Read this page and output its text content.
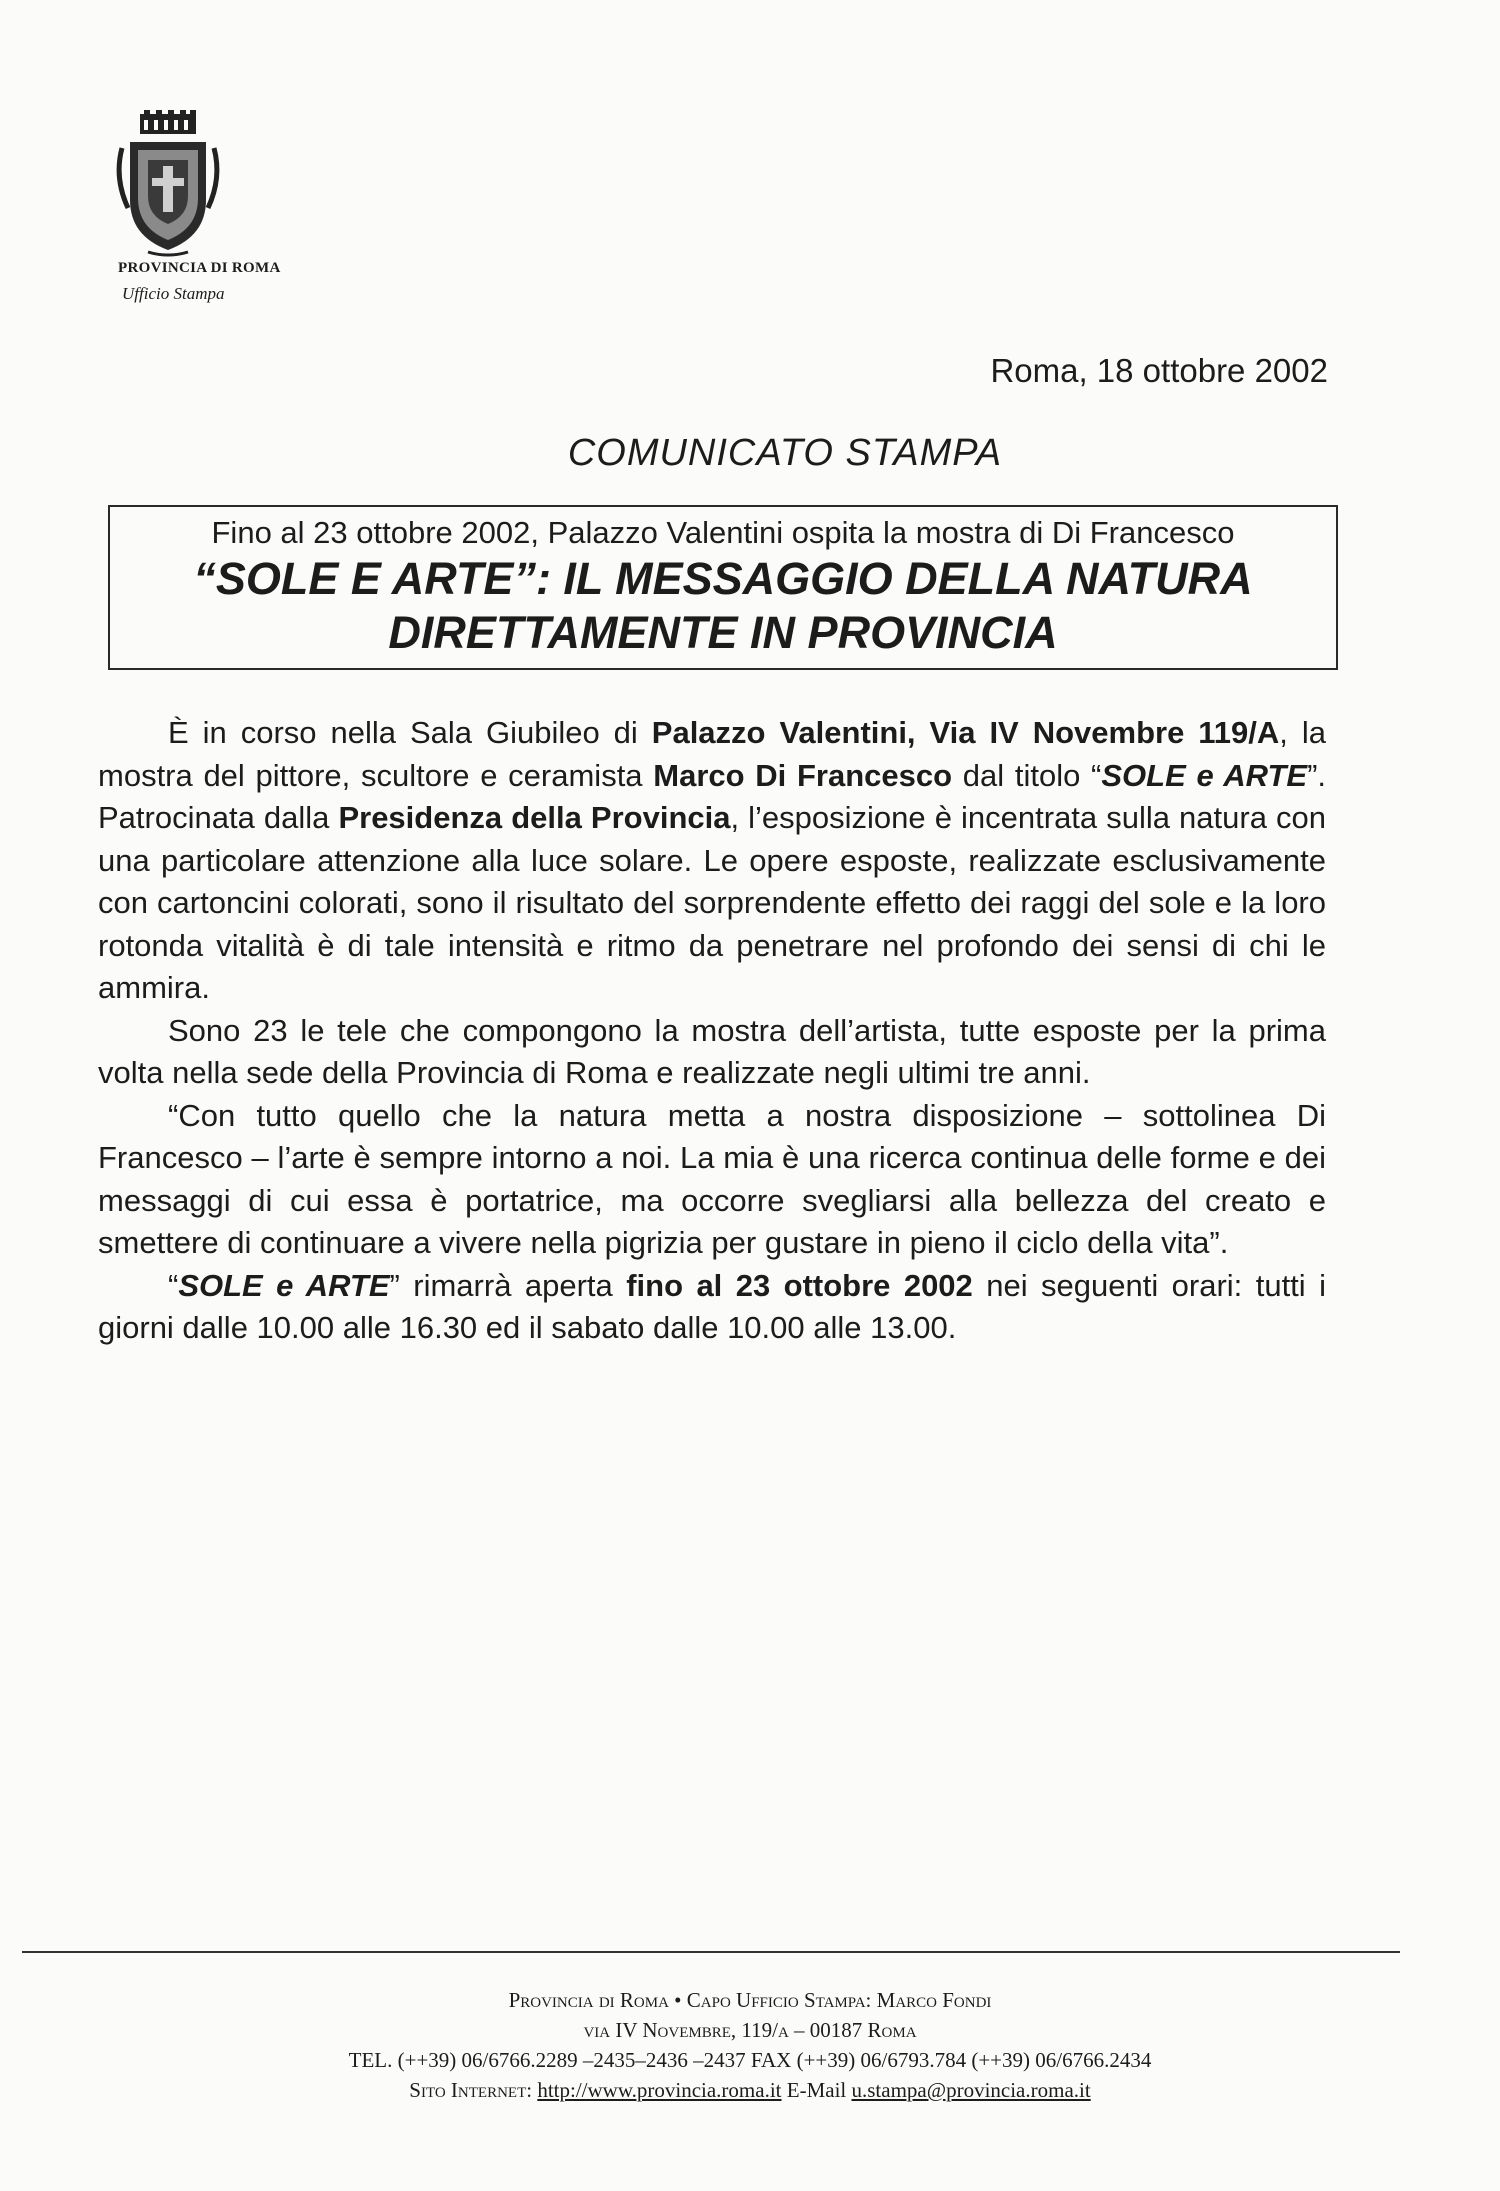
PROVINCIA DI ROMA
Ufficio Stampa
Roma, 18 ottobre 2002
COMUNICATO STAMPA
Fino al 23 ottobre 2002, Palazzo Valentini ospita la mostra di Di Francesco
“SOLE E ARTE”: IL MESSAGGIO DELLA NATURA
DIRETTAMENTE IN PROVINCIA

È in corso nella Sala Giubileo di Palazzo Valentini, Via IV Novembre 119/A, la mostra del pittore, scultore e ceramista Marco Di Francesco dal titolo “SOLE e ARTE”. Patrocinata dalla Presidenza della Provincia, l’esposizione è incentrata sulla natura con una particolare attenzione alla luce solare. Le opere esposte, realizzate esclusivamente con cartoncini colorati, sono il risultato del sorprendente effetto dei raggi del sole e la loro rotonda vitalità è di tale intensità e ritmo da penetrare nel profondo dei sensi di chi le ammira.

Sono 23 le tele che compongono la mostra dell’artista, tutte esposte per la prima volta nella sede della Provincia di Roma e realizzate negli ultimi tre anni.

“Con tutto quello che la natura metta a nostra disposizione – sottolinea Di Francesco – l’arte è sempre intorno a noi. La mia è una ricerca continua delle forme e dei messaggi di cui essa è portatrice, ma occorre svegliarsi alla bellezza del creato e smettere di continuare a vivere nella pigrizia per gustare in pieno il ciclo della vita”.

“SOLE e ARTE” rimarrà aperta fino al 23 ottobre 2002 nei seguenti orari: tutti i giorni dalle 10.00 alle 16.30 ed il sabato dalle 10.00 alle 13.00.

Provincia di Roma • Capo Ufficio Stampa: Marco Fondi
via IV Novembre, 119/a – 00187 Roma
TEL. (++39) 06/6766.2289 –2435–2436 –2437 FAX (++39) 06/6793.784 (++39) 06/6766.2434
Sito Internet: http://www.provincia.roma.it E-Mail u.stampa@provincia.roma.it
